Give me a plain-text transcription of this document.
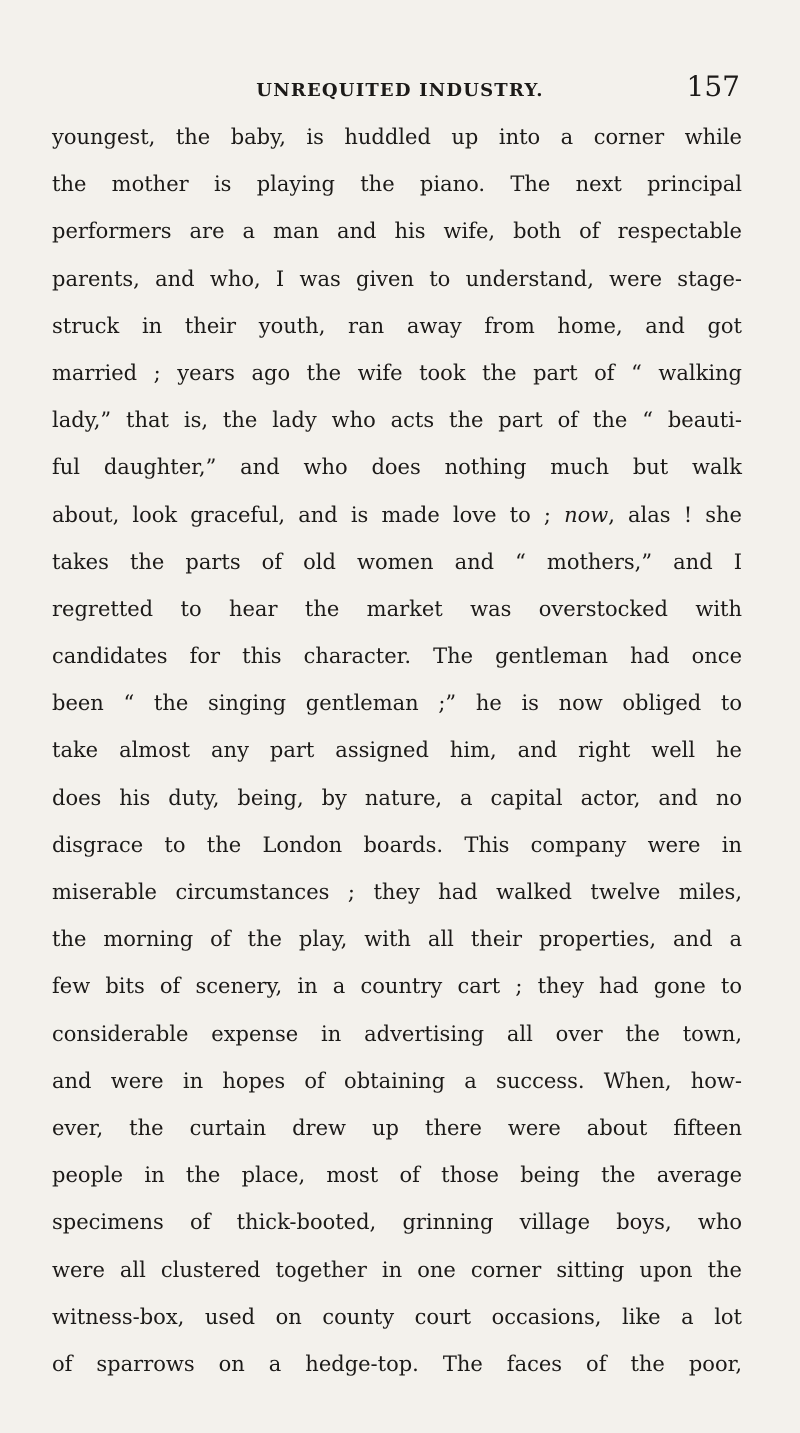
UNREQUITED INDUSTRY.	157
youngest, the baby, is huddled up into a corner while
the mother is playing the piano. The next principal
performers are a man and his wife, both of respectable
parents, and who, I was given to understand, were stage-
struck in their youth, ran away from home, and got
married ; years ago the wife took the part of “ walking
lady,” that is, the lady who acts the part of the “ beauti-
ful daughter,” and who does nothing much but walk
about, look graceful, and is made love to ; now, alas ! she
takes the parts of old women and “ mothers,” and I
regretted to hear the market was overstocked with
candidates for this character. The gentleman had once
been “ the singing gentleman ;” he is now obliged to
take almost any part assigned him, and right well he
does his duty, being, by nature, a capital actor, and no
disgrace to the London boards. This company were in
miserable circumstances ; they had walked twelve miles,
the morning of the play, with all their properties, and a
few bits of scenery, in a country cart ; they had gone to
considerable expense in advertising all over the town,
and were in hopes of obtaining a success. When, how-
ever, the curtain drew up there were about fifteen
people in the place, most of those being the average
specimens of thick-booted, grinning village boys, who
were all clustered together in one corner sitting upon the
witness-box, used on county court occasions, like a lot
of sparrows on a hedge-top. The faces of the poor,
